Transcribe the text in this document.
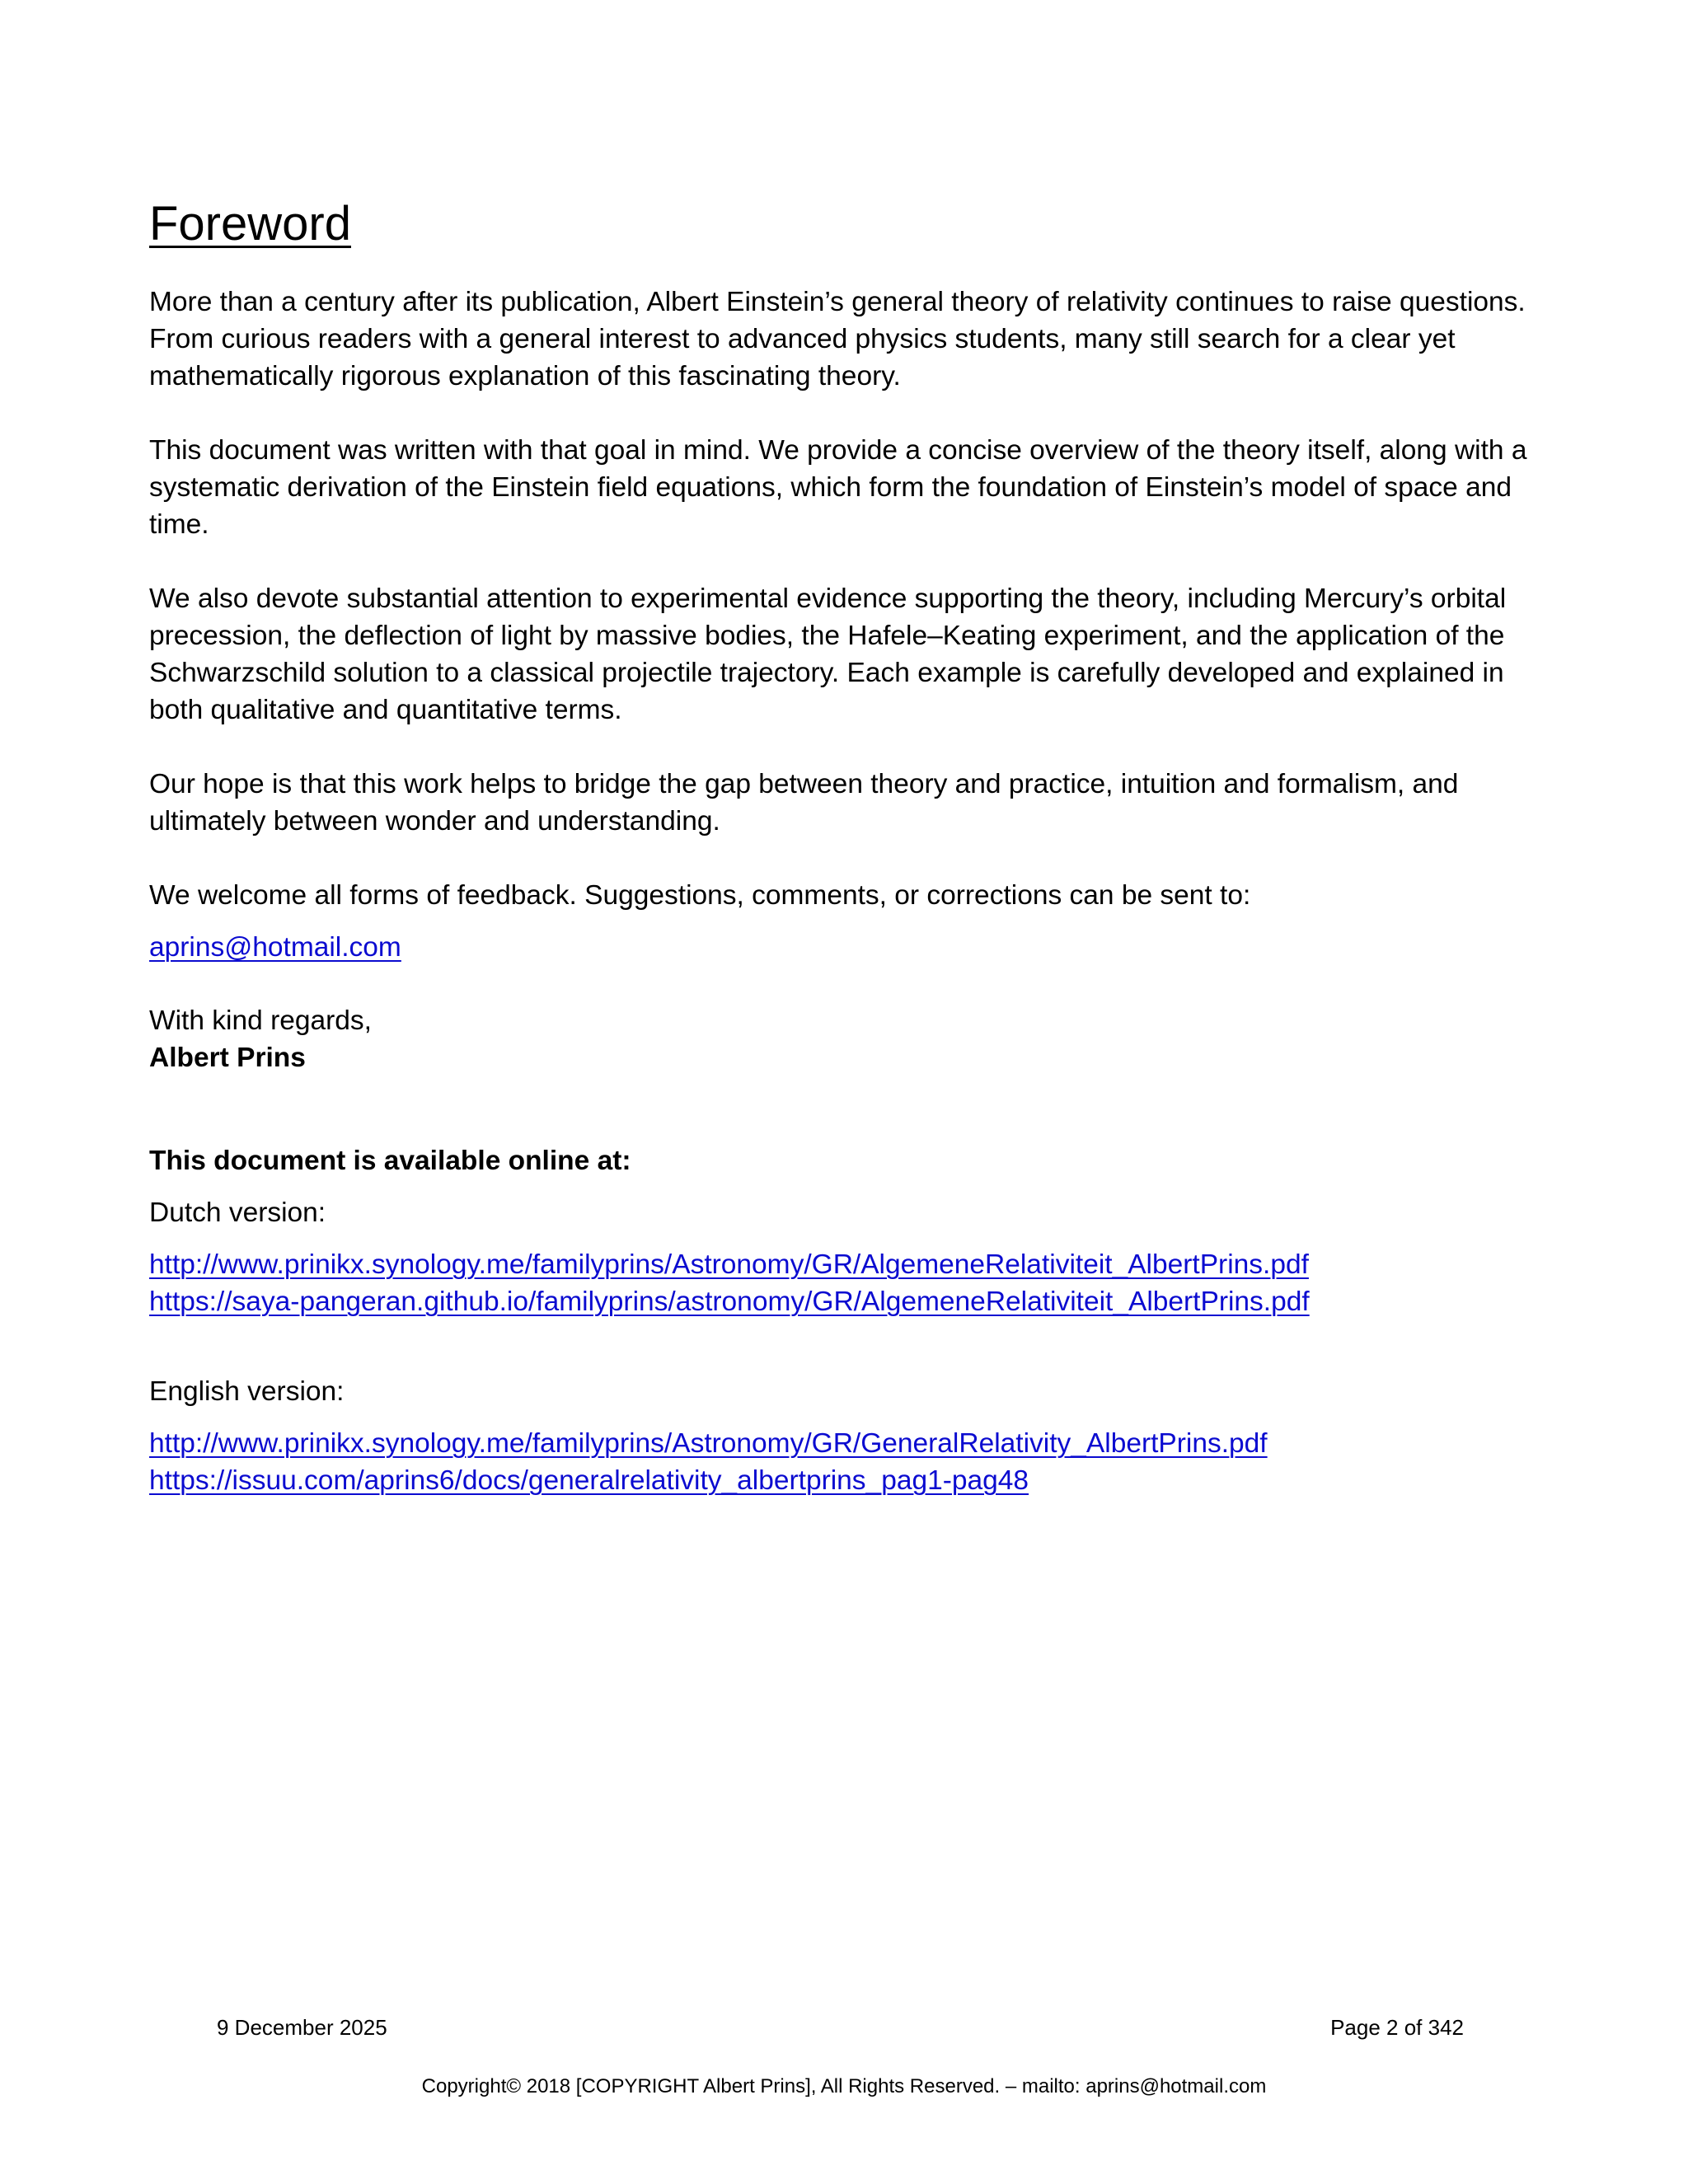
Foreword

More than a century after its publication, Albert Einstein’s general theory of relativity continues to raise questions. From curious readers with a general interest to advanced physics students, many still search for a clear yet mathematically rigorous explanation of this fascinating theory.

This document was written with that goal in mind. We provide a concise overview of the theory itself, along with a systematic derivation of the Einstein field equations, which form the foundation of Einstein’s model of space and time.

We also devote substantial attention to experimental evidence supporting the theory, including Mercury’s orbital precession, the deflection of light by massive bodies, the Hafele–Keating experiment, and the application of the Schwarzschild solution to a classical projectile trajectory. Each example is carefully developed and explained in both qualitative and quantitative terms.

Our hope is that this work helps to bridge the gap between theory and practice, intuition and formalism, and ultimately between wonder and understanding.

We welcome all forms of feedback. Suggestions, comments, or corrections can be sent to:

aprins@hotmail.com

With kind regards,

Albert Prins

This document is available online at:

Dutch version:

http://www.prinikx.synology.me/familyprins/Astronomy/GR/AlgemeneRelativiteit_AlbertPrins.pdf

https://saya-pangeran.github.io/familyprins/astronomy/GR/AlgemeneRelativiteit_AlbertPrins.pdf

English version:

http://www.prinikx.synology.me/familyprins/Astronomy/GR/GeneralRelativity_AlbertPrins.pdf

https://issuu.com/aprins6/docs/generalrelativity_albertprins_pag1-pag48

9 December 2025	Page 2 of 342
Copyright© 2018 [COPYRIGHT Albert Prins], All Rights Reserved. – mailto: aprins@hotmail.com
